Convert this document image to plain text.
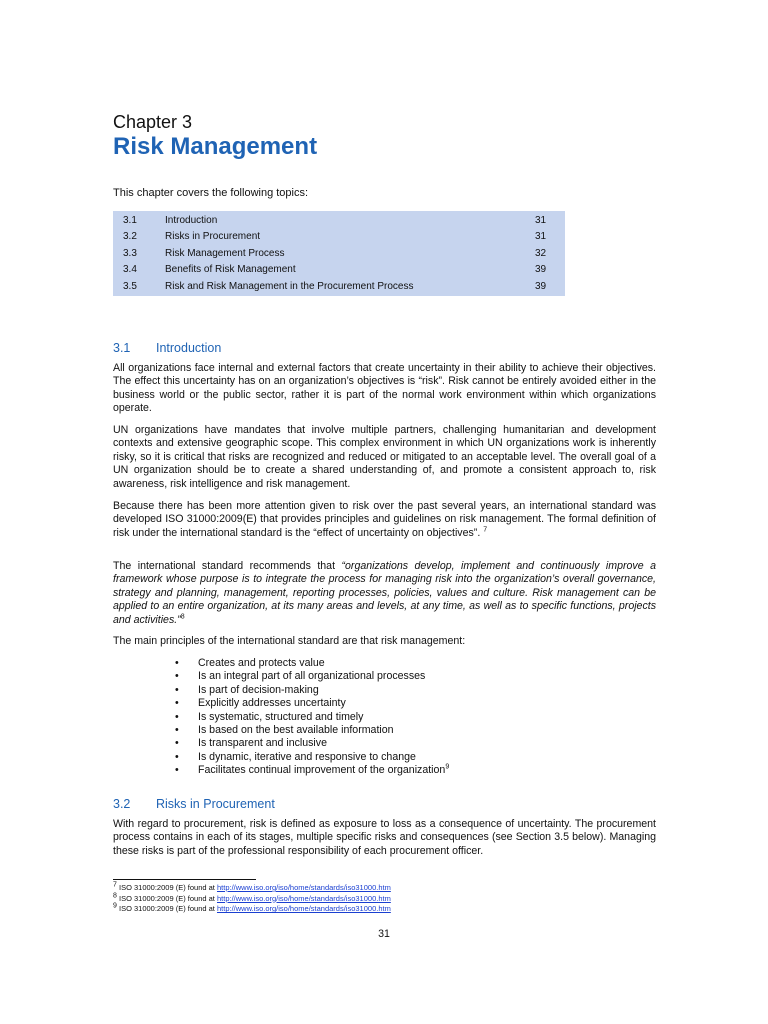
Chapter 3
Risk Management
This chapter covers the following topics:
3.1	Introduction	31
3.2	Risks in Procurement	31
3.3	Risk Management Process	32
3.4	Benefits of Risk Management	39
3.5	Risk and Risk Management in the Procurement Process	39
3.1 Introduction
All organizations face internal and external factors that create uncertainty in their ability to achieve their objectives. The effect this uncertainty has on an organization’s objectives is “risk”. Risk cannot be entirely avoided either in the business world or the public sector, rather it is part of the normal work environment within which organizations operate.
UN organizations have mandates that involve multiple partners, challenging humanitarian and development contexts and extensive geographic scope. This complex environment in which UN organizations work is inherently risky, so it is critical that risks are recognized and reduced or mitigated to an acceptable level. The overall goal of a UN organization should be to create a shared understanding of, and promote a consistent approach to, risk awareness, risk intelligence and risk management.
Because there has been more attention given to risk over the past several years, an international standard was developed ISO 31000:2009(E) that provides principles and guidelines on risk management. The formal definition of risk under the international standard is the “effect of uncertainty on objectives”. $^7$
The international standard recommends that “organizations develop, implement and continuously improve a framework whose purpose is to integrate the process for managing risk into the organization’s overall governance, strategy and planning, management, reporting processes, policies, values and culture. Risk management can be applied to an entire organization, at its many areas and levels, at any time, as well as to specific functions, projects and activities.”$^8$
The main principles of the international standard are that risk management:
• Creates and protects value
• Is an integral part of all organizational processes
• Is part of decision-making
• Explicitly addresses uncertainty
• Is systematic, structured and timely
• Is based on the best available information
• Is transparent and inclusive
• Is dynamic, iterative and responsive to change
• Facilitates continual improvement of the organization$^9$
3.2 Risks in Procurement
With regard to procurement, risk is defined as exposure to loss as a consequence of uncertainty. The procurement process contains in each of its stages, multiple specific risks and consequences (see Section 3.5 below). Managing these risks is part of the professional responsibility of each procurement officer.
$^7$ ISO 31000:2009 (E) found at http://www.iso.org/iso/home/standards/iso31000.htm
$^8$ ISO 31000:2009 (E) found at http://www.iso.org/iso/home/standards/iso31000.htm
$^9$ ISO 31000:2009 (E) found at http://www.iso.org/iso/home/standards/iso31000.htm
31
